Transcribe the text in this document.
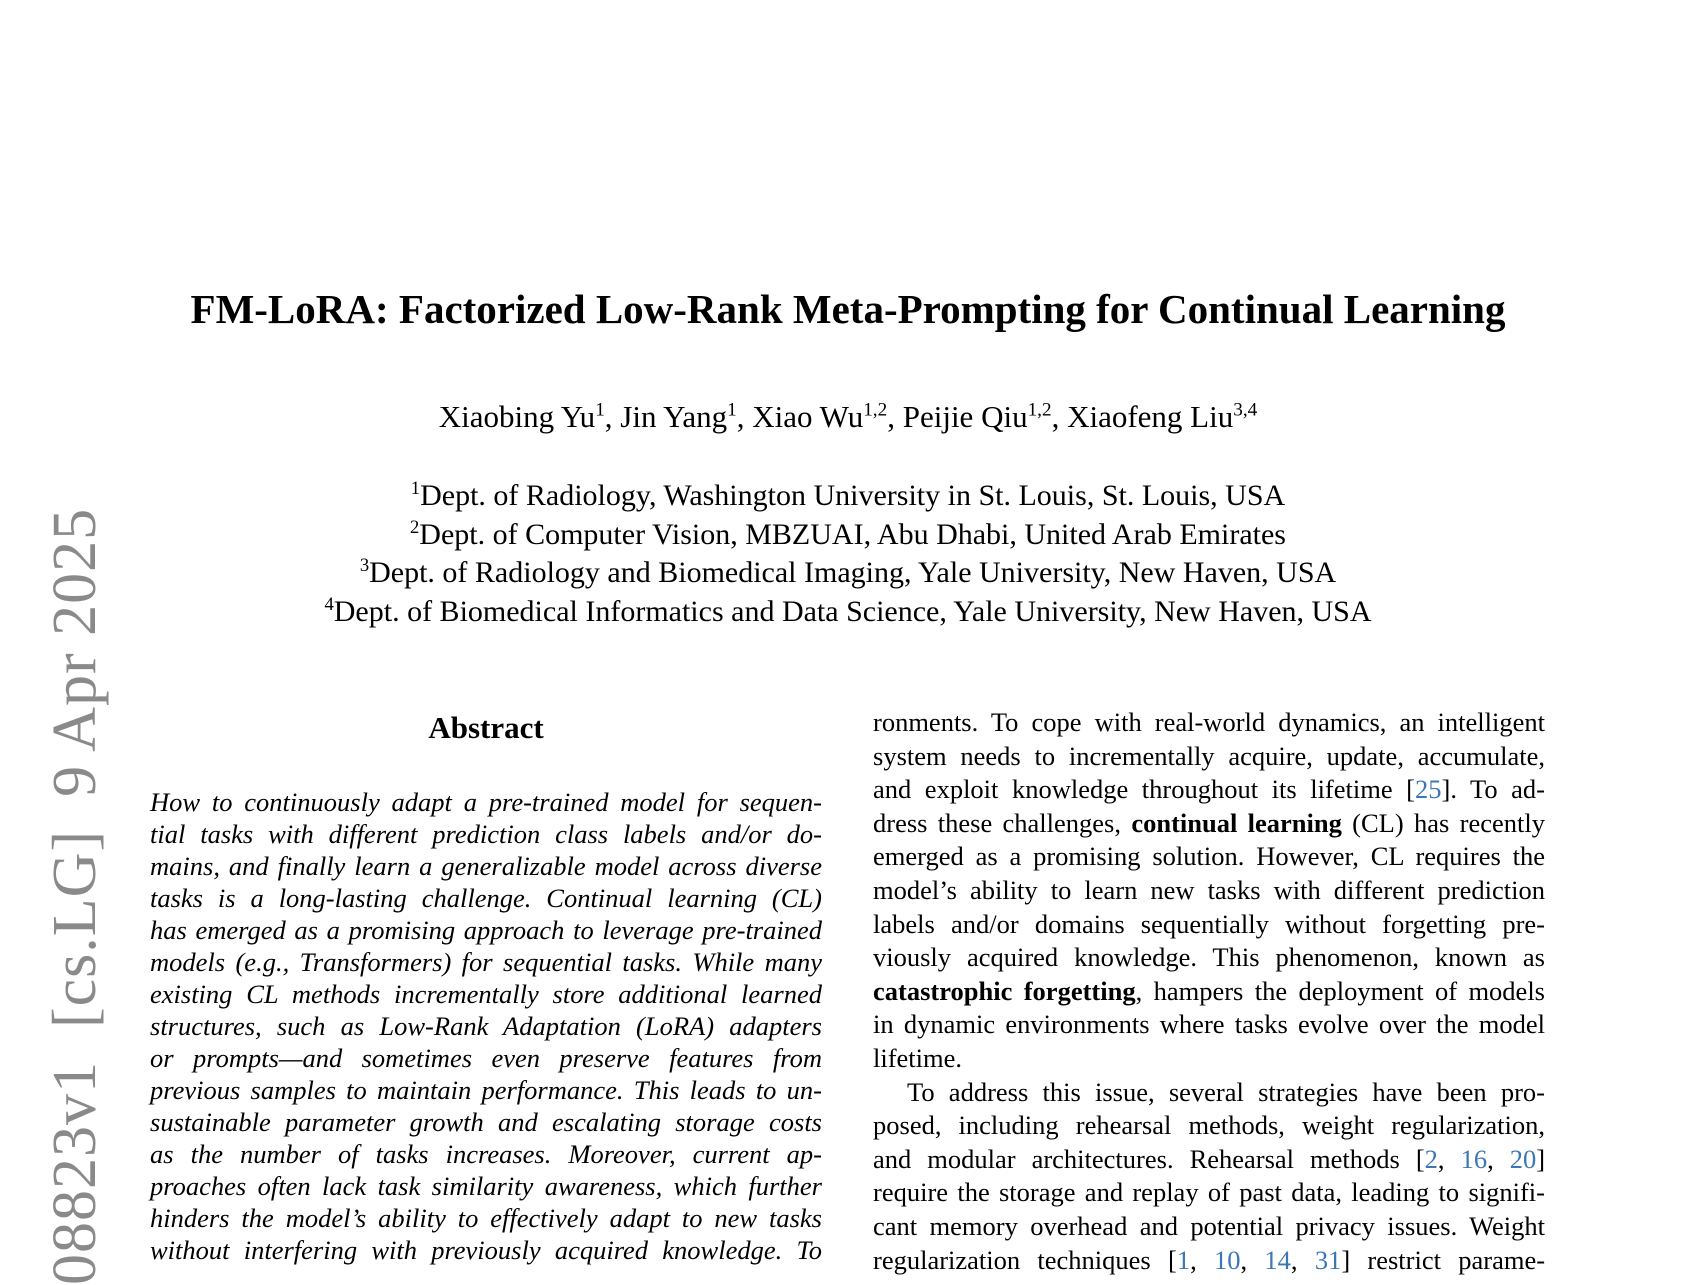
08823v1  [cs.LG]  9 Apr 2025
FM-LoRA: Factorized Low-Rank Meta-Prompting for Continual Learning
Xiaobing Yu$^1$, Jin Yang$^1$, Xiao Wu$^{1,2}$, Peijie Qiu$^{1,2}$, Xiaofeng Liu$^{3,4}$
$^1$Dept. of Radiology, Washington University in St. Louis, St. Louis, USA
$^2$Dept. of Computer Vision, MBZUAI, Abu Dhabi, United Arab Emirates
$^3$Dept. of Radiology and Biomedical Imaging, Yale University, New Haven, USA
$^4$Dept. of Biomedical Informatics and Data Science, Yale University, New Haven, USA
Abstract
How to continuously adapt a pre-trained model for sequen-
tial tasks with different prediction class labels and/or do-
mains, and finally learn a generalizable model across diverse
tasks is a long-lasting challenge. Continual learning (CL)
has emerged as a promising approach to leverage pre-trained
models (e.g., Transformers) for sequential tasks. While many
existing CL methods incrementally store additional learned
structures, such as Low-Rank Adaptation (LoRA) adapters
or prompts—and sometimes even preserve features from
previous samples to maintain performance. This leads to un-
sustainable parameter growth and escalating storage costs
as the number of tasks increases. Moreover, current ap-
proaches often lack task similarity awareness, which further
hinders the model’s ability to effectively adapt to new tasks
without interfering with previously acquired knowledge. To
ronments. To cope with real-world dynamics, an intelligent
system needs to incrementally acquire, update, accumulate,
and exploit knowledge throughout its lifetime [25]. To ad-
dress these challenges, continual learning (CL) has recently
emerged as a promising solution. However, CL requires the
model’s ability to learn new tasks with different prediction
labels and/or domains sequentially without forgetting pre-
viously acquired knowledge. This phenomenon, known as
catastrophic forgetting, hampers the deployment of models
in dynamic environments where tasks evolve over the model
lifetime.
To address this issue, several strategies have been pro-
posed, including rehearsal methods, weight regularization,
and modular architectures. Rehearsal methods [2, 16, 20]
require the storage and replay of past data, leading to signifi-
cant memory overhead and potential privacy issues. Weight
regularization techniques [1, 10, 14, 31] restrict parame-
